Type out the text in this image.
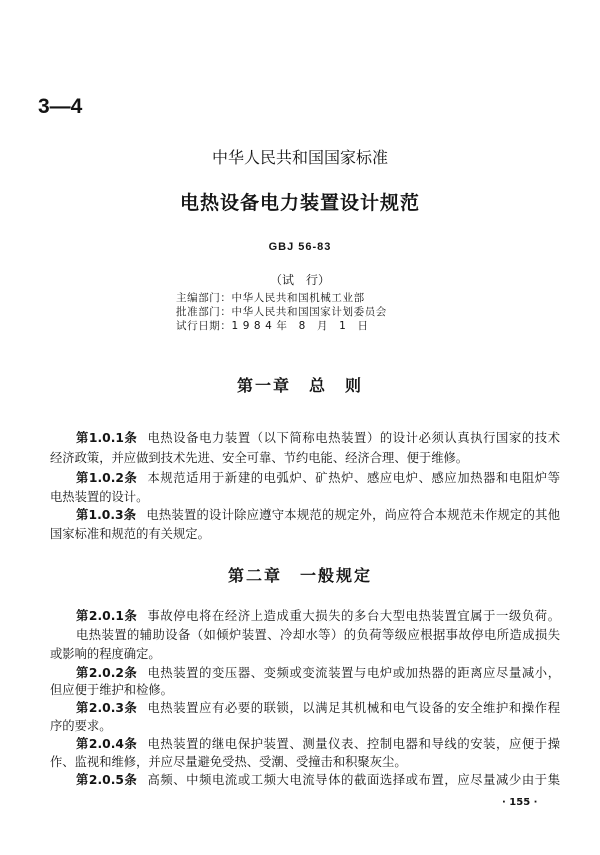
3—4
中华人民共和国国家标准
电热设备电力装置设计规范
GBJ 56-83
（试　行）
主编部门：中华人民共和国机械工业部
批准部门：中华人民共和国国家计划委员会
试行日期：1 9 8 4 年　8　月　1　日
第一章　总　则
第二章　一般规定
第1.0.1条 电热设备电力装置（以下简称电热装置）的设计必须认真执行国家的技术
经济政策，并应做到技术先进、安全可靠、节约电能、经济合理、便于维修。
第1.0.2条 本规范适用于新建的电弧炉、矿热炉、感应电炉、感应加热器和电阻炉等
电热装置的设计。
第1.0.3条 电热装置的设计除应遵守本规范的规定外，尚应符合本规范未作规定的其他
国家标准和规范的有关规定。
第2.0.1条 事故停电将在经济上造成重大损失的多台大型电热装置宜属于一级负荷。
电热装置的辅助设备（如倾炉装置、冷却水等）的负荷等级应根据事故停电所造成损失
或影响的程度确定。
第2.0.2条 电热装置的变压器、变频或变流装置与电炉或加热器的距离应尽量减小，
但应便于维护和检修。
第2.0.3条 电热装置应有必要的联锁，以满足其机械和电气设备的安全维护和操作程
序的要求。
第2.0.4条 电热装置的继电保护装置、测量仪表、控制电器和导线的安装，应便于操
作、监视和维修，并应尽量避免受热、受潮、受撞击和积聚灰尘。
第2.0.5条 高频、中频电流或工频大电流导体的截面选择或布置，应尽量减少由于集
· 155 ·
